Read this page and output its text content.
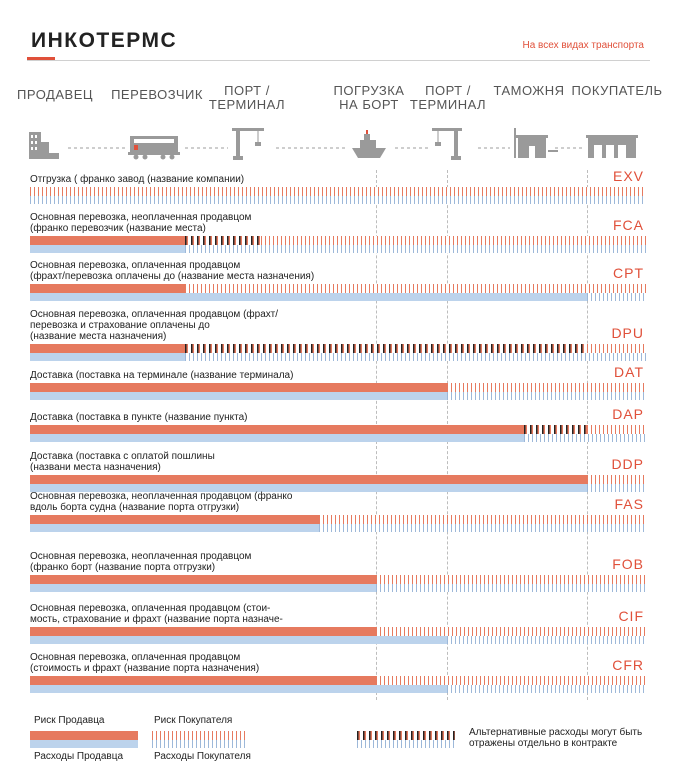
ИНКОТЕРМС	На всех видах транспорта
ПРОДАВЕЦ ПЕРЕВОЗЧИК	ПОРТ /
ТЕРМИНАЛ
ПОГРУЗКА
НА БОРТ
ПОРТ /
ТЕРМИНАЛ
ТАМОЖНЯ ПОКУПАТЕЛЬ
Отгрузка ( франко завод (название компании)	EXV
Основная перевозка, неоплаченная продавцом
(франко перевозчик (название места)	FCA
Основная перевозка, оплаченная продавцом
(фрахт/перевозка оплачены до (название места назначения)	CPT
Основная перевозка, оплаченная продавцом (фрахт/
перевозка и страхование оплачены до
(название места назначения)	DPU
Доставка (поставка на терминале (название терминала)	DAT
Доставка (поставка в пункте (название пункта)	DAP
Доставка (поставка с оплатой пошлины
(названи места назначения)	DDP
Основная перевозка, неоплаченная продавцом (франко
вдоль борта судна (название порта отгрузки)	FAS
Основная перевозка, неоплаченная продавцом
(франко борт (название порта отгрузки)	FOB
Основная перевозка, оплаченная продавцом (стои-
мость, страхование и фрахт (название порта назначе-	CIF
Основная перевозка, оплаченная продавцом
(стоимость и фрахт (название порта назначения)	CFR
Риск Продавца
Расходы Продавца
Риск Покупателя
Расходы Покупателя
Альтернативные расходы могут быть
отражены отдельно в контракте
